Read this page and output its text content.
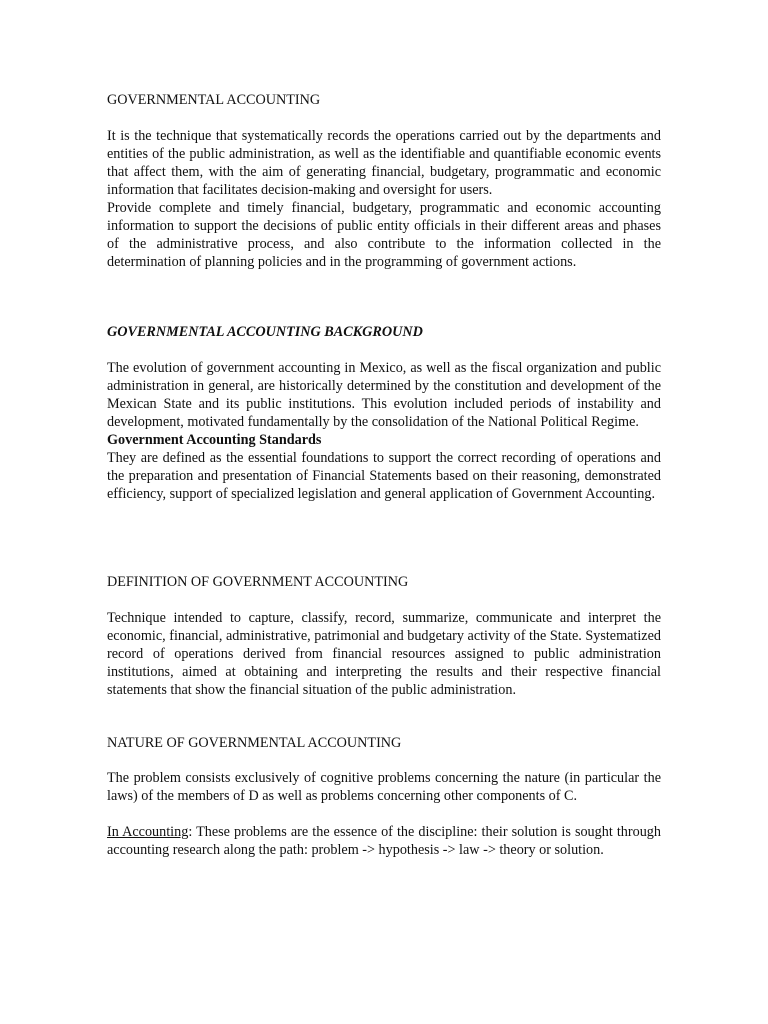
GOVERNMENTAL ACCOUNTING

It is the technique that systematically records the operations carried out by the departments and entities of the public administration, as well as the identifiable and quantifiable economic events that affect them, with the aim of generating financial, budgetary, programmatic and economic information that facilitates decision-making and oversight for users.

Provide complete and timely financial, budgetary, programmatic and economic accounting information to support the decisions of public entity officials in their different areas and phases of the administrative process, and also contribute to the information collected in the determination of planning policies and in the programming of government actions.

GOVERNMENTAL ACCOUNTING BACKGROUND

The evolution of government accounting in Mexico, as well as the fiscal organization and public administration in general, are historically determined by the constitution and development of the Mexican State and its public institutions. This evolution included periods of instability and development, motivated fundamentally by the consolidation of the National Political Regime.

Government Accounting Standards

They are defined as the essential foundations to support the correct recording of operations and the preparation and presentation of Financial Statements based on their reasoning, demonstrated efficiency, support of specialized legislation and general application of Government Accounting.

DEFINITION OF GOVERNMENT ACCOUNTING

Technique intended to capture, classify, record, summarize, communicate and interpret the economic, financial, administrative, patrimonial and budgetary activity of the State. Systematized record of operations derived from financial resources assigned to public administration institutions, aimed at obtaining and interpreting the results and their respective financial statements that show the financial situation of the public administration.

NATURE OF GOVERNMENTAL ACCOUNTING

The problem consists exclusively of cognitive problems concerning the nature (in particular the laws) of the members of D as well as problems concerning other components of C.

In Accounting: These problems are the essence of the discipline: their solution is sought through accounting research along the path: problem -> hypothesis -> law -> theory or solution.
